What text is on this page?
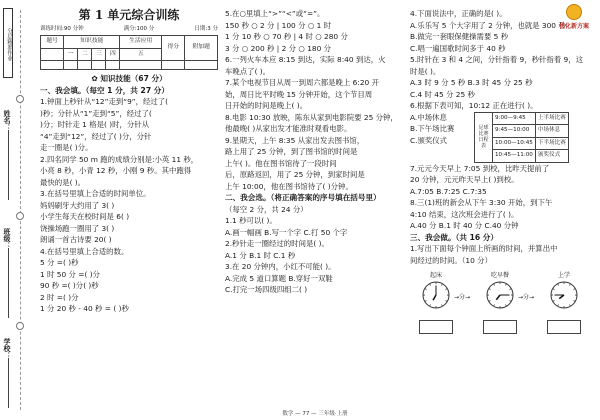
分层精准作业
姓名：
班级：
学校：
第 1 单元综合训练
训练时间:90 分钟	满分:100 分	日期:3 分
题号	知识技能				生活应用	得分	附加题
	一	二	三	四	五		

✿ 知识技能（67 分）
一、我会填。（每空 1 分，共 27 分）
1.钟面上秒针从“12”走到“9”，经过了(
)秒；分针从“1”走到“5”，经过了(
)分；时针走 1 格是( )时，分针从
“4”走到“12”，经过了( )分，分针
走一圈是( )分。
2.四名同学 50 m 跑的成绩分别是:小英 11 秒，
小亮 8 秒，小青 12 秒，小刚 9 秒。其中跑得
最快的是( )。
3.在括号里填上合适的时间单位。
妈妈刷牙大约用了 3( )
小学生每天在校时间是 6( )
饶操场跑一圈用了 3( )
朗诵一首古诗要 20( )
4.在括号里填上合适的数。
5 分 =( )秒
1 时 50 分 =( )分
90 秒 =( )分( )秒
2 时 =( )分
1 分 20 秒 - 40 秒 = ( )秒
5.在○里填上“>”“<”或“=”。
150 秒 ○ 2 分 | 100 分 ○ 1 时
1 分 10 秒 ○ 70 秒 | 4 时 ○ 280 分
3 分 ○ 200 秒 | 2 分 ○ 180 分
6.一列火车本应 8:15 到达，实际 8:40 到达，火
车晚点了( )。
7.某个电视节目从周一到周六都是晚上 6:20 开
始，周日比平时晚 15 分钟开始，这个节目周
日开始的时间是晚上( )。
8.电影 10:30 放映，陈东从家到电影院要 25 分钟，
他最晚( )从家出发才能准时观看电影。
9.星期天，上午 8:35 从家出发去图书馆，
路上用了 25 分钟，到了图书馆的时间是
上午( )。他在图书馆待了一段时间
后，原路返回，用了 25 分钟，到家时间是
上午 10:00，他在图书馆待了( )分钟。
二、我会选。（将正确答案的序号填在括号里）
（每空 2 分，共 24 分）
1.1 秒可以( )。
A.画一幅画 B.写一个字 C.打 50 个字
2.秒针走一圈经过的时间是( )。
A.1 分 B.1 时 C.1 秒
3.在 20 分钟内，小红不可能( )。
A.完成 5 道口算题 B.穿好一双鞋
C.打完一场四级四组二( )
4.下面说法中，正确的是( )。
A.乐乐写 5 个大字用了 2 分钟，也就是 300 秒
B.做完一套眼保健操需要 5 秒
C.唱一遍国歌时间多于 40 秒
5.时针在 3 和 4 之间，分针指着 9，秒针指着 9，这
时是( )。
A.3 时 9 分 5 秒 B.3 时 45 分 25 秒
C.4 时 45 分 25 秒
6.根据下表可知，10:12 正在进行( )。
A.中场休息
B.下午场比赛
C.颁奖仪式
足球比赛
日程表	9:00—9:45	上半场比赛
	9:45—10:00	中场休息
	10:00—10:45	下半场比赛
	10:45—11:00	颁奖仪式
7.元元今天早上 7:05 到校，比昨天提前了
20 分钟，元元昨天早上( )到校。
A.7:05 B.7:25 C.7:35
8.三(1)班的新会从下午 3:30 开始，到下午
4:10 结束，这次班会进行了( )。
A.40 分 B.1 时 40 分 C.40 分钟
三、我会做。（共 16 分）
1.写出下面每个钟面上所画的时间，并算出中
间经过的时间。（10 分）
起床	吃早餐	上学
→分→	→分→
优化新方案
数学 — 77 — 三年级·上册
